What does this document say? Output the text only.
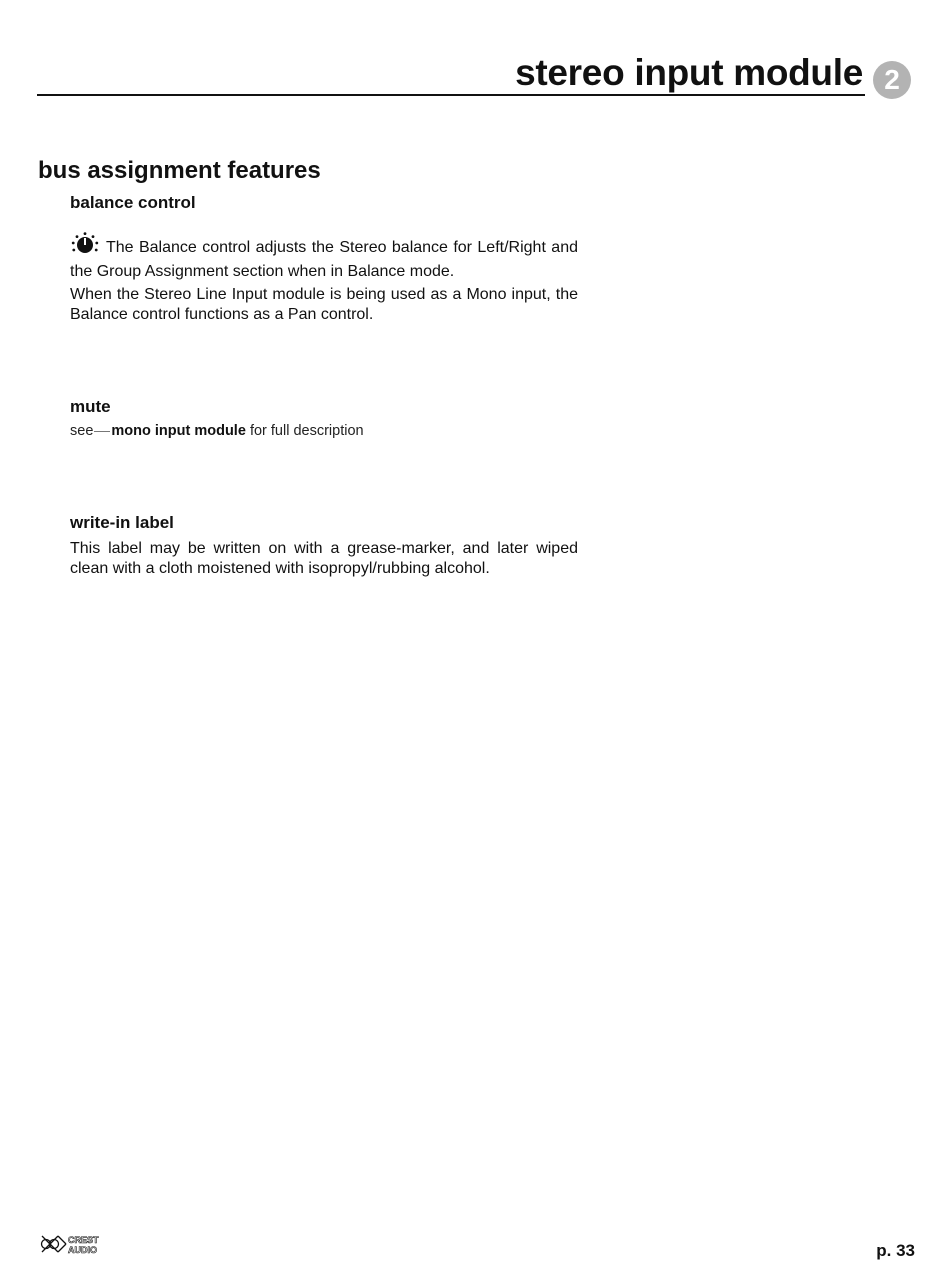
stereo input module 2
bus assignment features
balance control

The Balance control adjusts the Stereo balance for Left/Right and the Group Assignment section when in Balance mode.

When the Stereo Line Input module is being used as a Mono input, the Balance control functions as a Pan control.

mute
see mono input module for full description
write-in label

This label may be written on with a grease-marker, and later wiped clean with a cloth moistened with isopropyl/rubbing alcohol.

CREST
AUDIO	p. 33
